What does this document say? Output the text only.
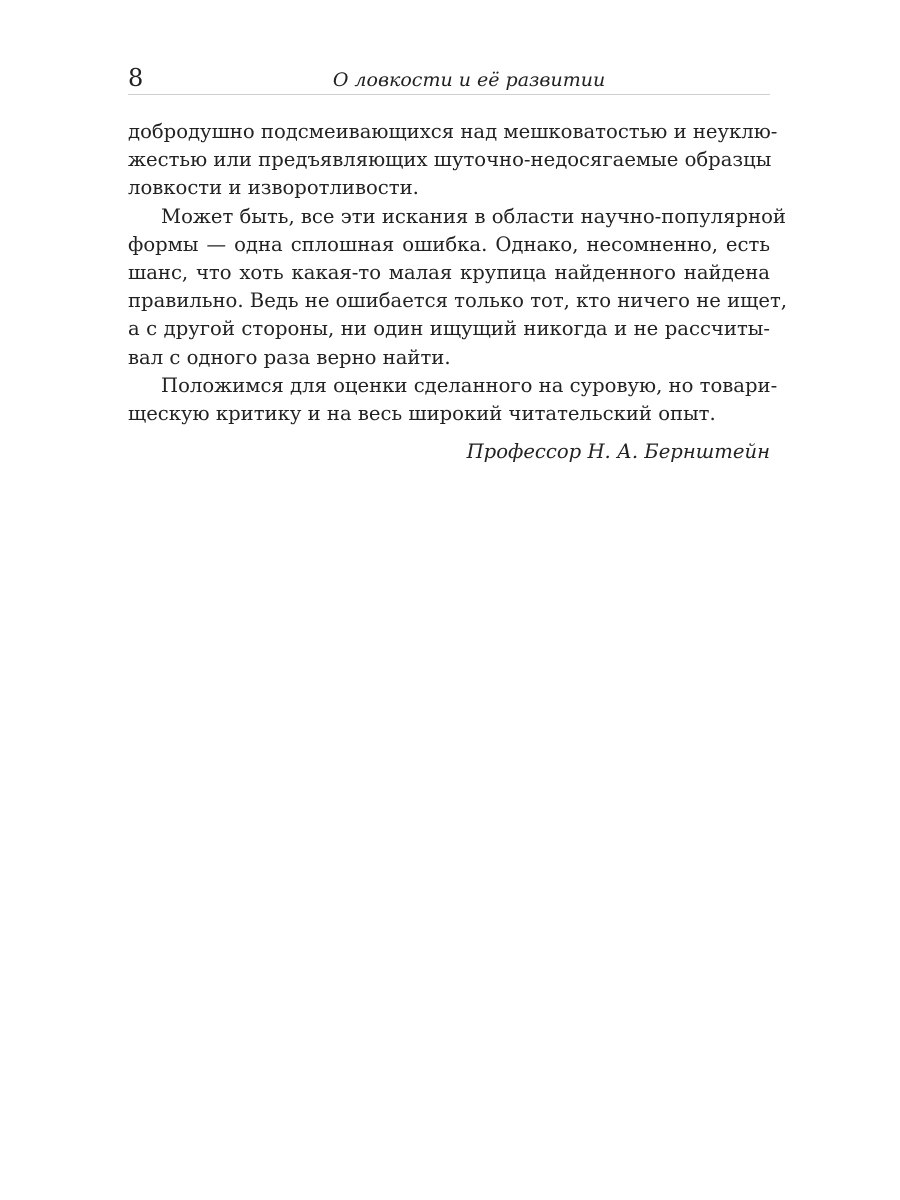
8	О ловкости и её развитии
добродушно подсмеивающихся над мешковатостью и неуклю-
жестью или предъявляющих шуточно-недосягаемые образцы
ловкости и изворотливости.
Может быть, все эти искания в области научно-популярной
формы — одна сплошная ошибка. Однако, несомненно, есть
шанс, что хоть какая-то малая крупица найденного найдена
правильно. Ведь не ошибается только тот, кто ничего не ищет,
а с другой стороны, ни один ищущий никогда и не рассчиты-
вал с одного раза верно найти.
Положимся для оценки сделанного на суровую, но товари-
щескую критику и на весь широкий читательский опыт.
Профессор Н. А. Бернштейн
